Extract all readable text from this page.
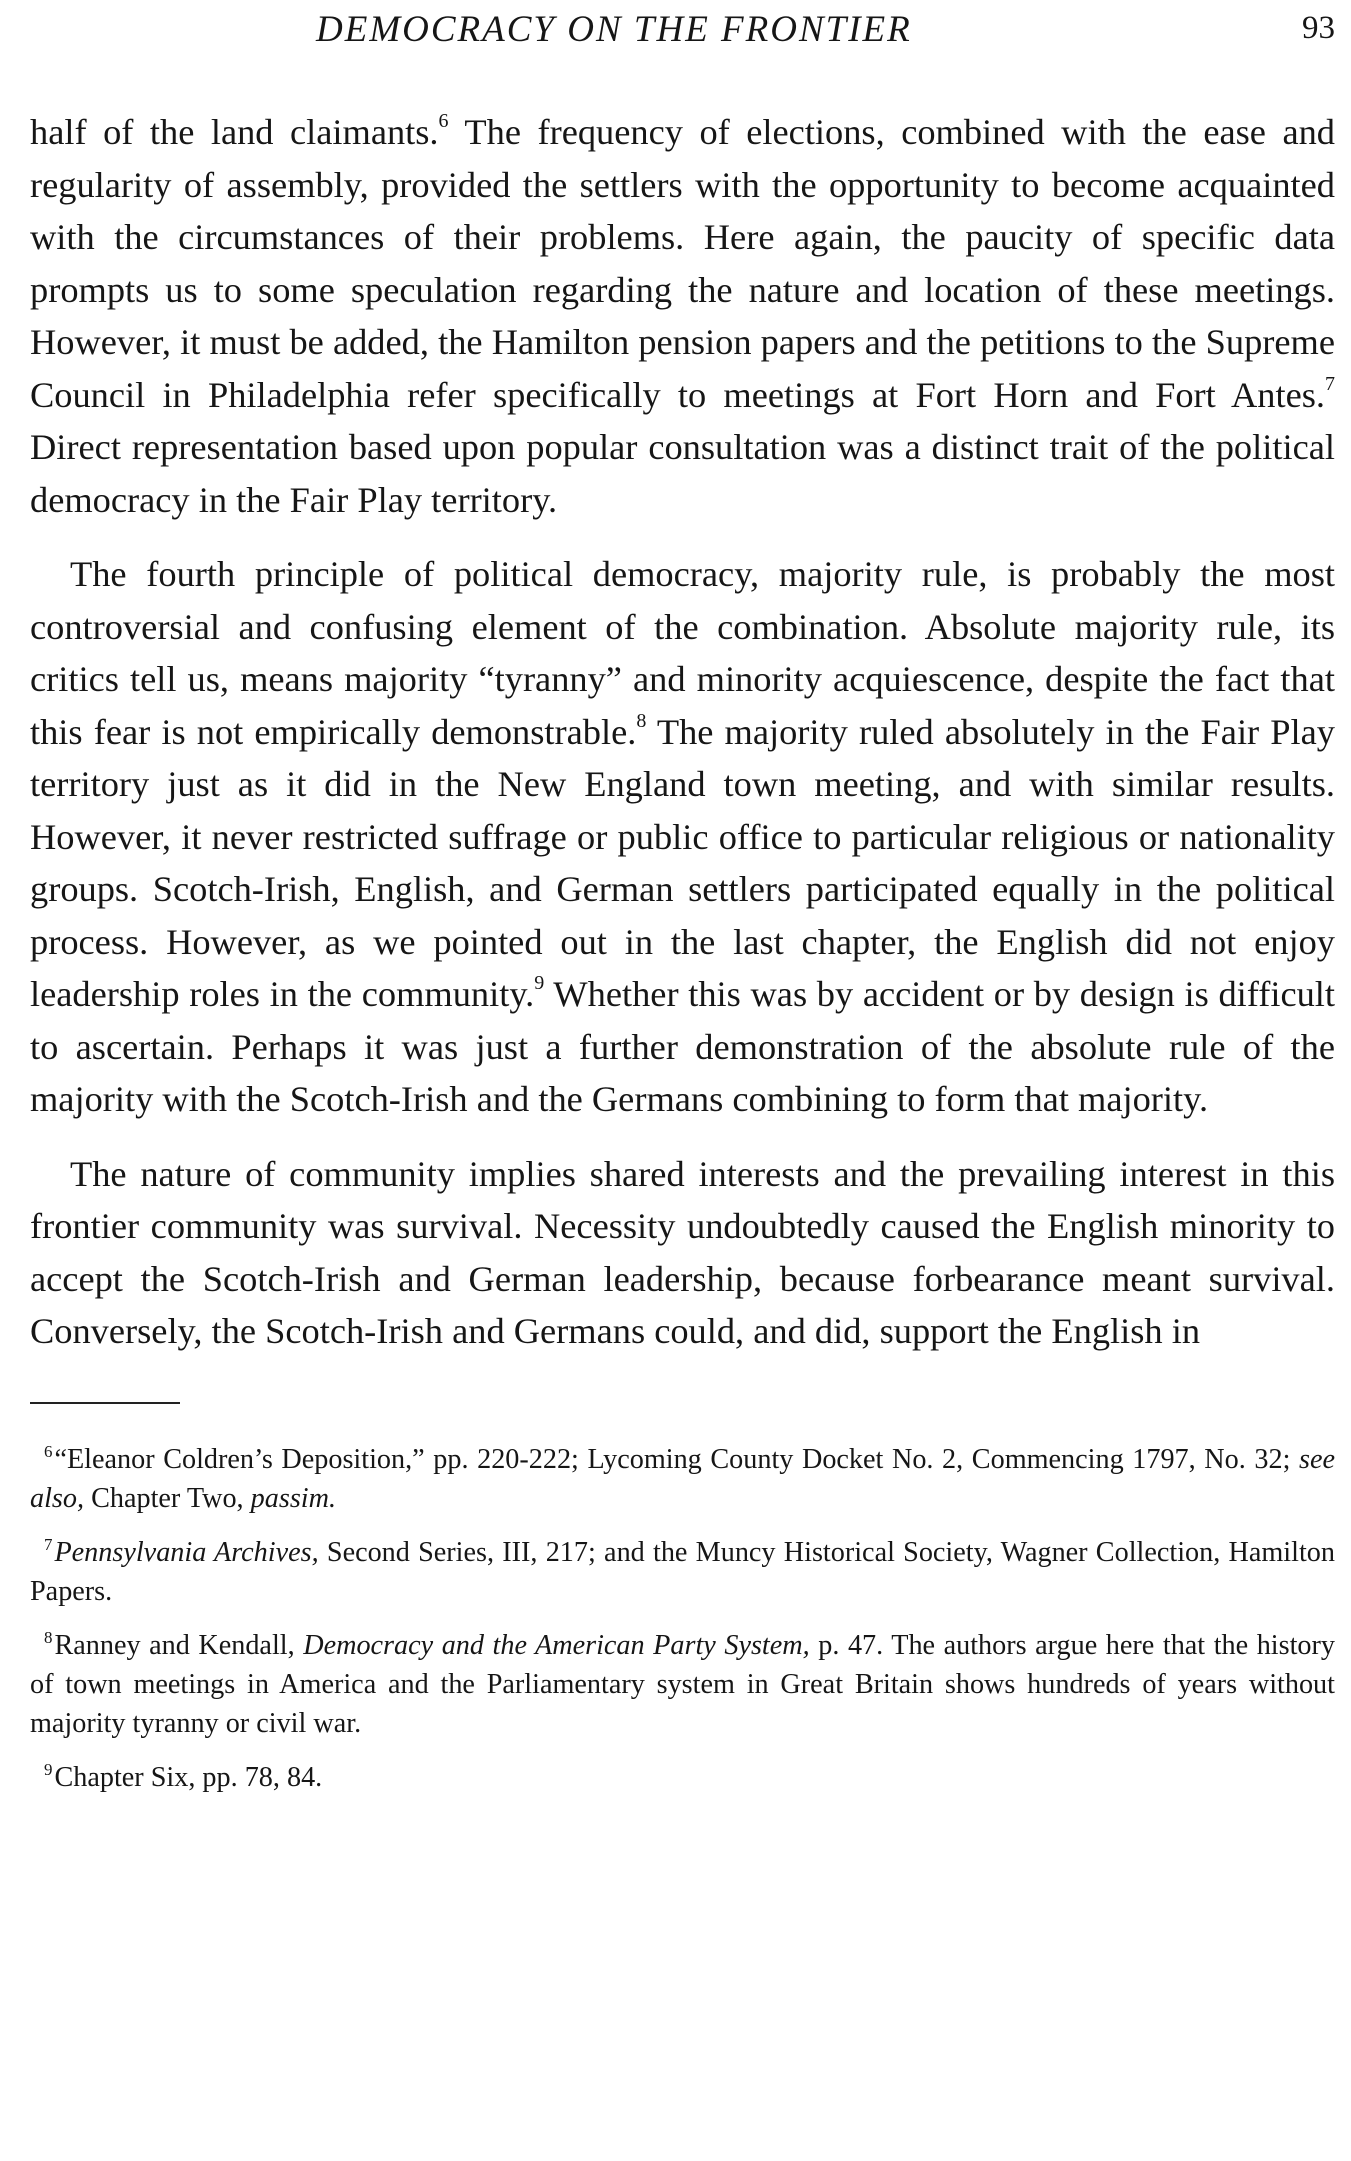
DEMOCRACY ON THE FRONTIER	93

half of the land claimants.$^6$ The frequency of elections, combined with the ease and regularity of assembly, provided the settlers with the opportunity to become acquainted with the circumstances of their problems. Here again, the paucity of specific data prompts us to some speculation regarding the nature and location of these meetings. However, it must be added, the Hamilton pension papers and the petitions to the Supreme Council in Philadelphia refer specifically to meetings at Fort Horn and Fort Antes.$^7$ Direct representation based upon popular consultation was a distinct trait of the political democracy in the Fair Play territory.

The fourth principle of political democracy, majority rule, is probably the most controversial and confusing element of the combination. Absolute majority rule, its critics tell us, means majority “tyranny” and minority acquiescence, despite the fact that this fear is not empirically demonstrable.$^8$ The majority ruled absolutely in the Fair Play territory just as it did in the New England town meeting, and with similar results. However, it never restricted suffrage or public office to particular religious or nationality groups. Scotch-Irish, English, and German settlers participated equally in the political process. However, as we pointed out in the last chapter, the English did not enjoy leadership roles in the community.$^9$ Whether this was by accident or by design is difficult to ascertain. Perhaps it was just a further demonstration of the absolute rule of the majority with the Scotch-Irish and the Germans combining to form that majority.

The nature of community implies shared interests and the prevailing interest in this frontier community was survival. Necessity undoubtedly caused the English minority to accept the Scotch-Irish and German leadership, because forbearance meant survival. Conversely, the Scotch-Irish and Germans could, and did, support the English in

$^6$“Eleanor Coldren’s Deposition,” pp. 220-222; Lycoming County Docket No. 2, Commencing 1797, No. 32; see also, Chapter Two, passim.

$^7$Pennsylvania Archives, Second Series, III, 217; and the Muncy Historical Society, Wagner Collection, Hamilton Papers.

$^8$Ranney and Kendall, Democracy and the American Party System, p. 47. The authors argue here that the history of town meetings in America and the Parliamentary system in Great Britain shows hundreds of years without majority tyranny or civil war.

$^9$Chapter Six, pp. 78, 84.
